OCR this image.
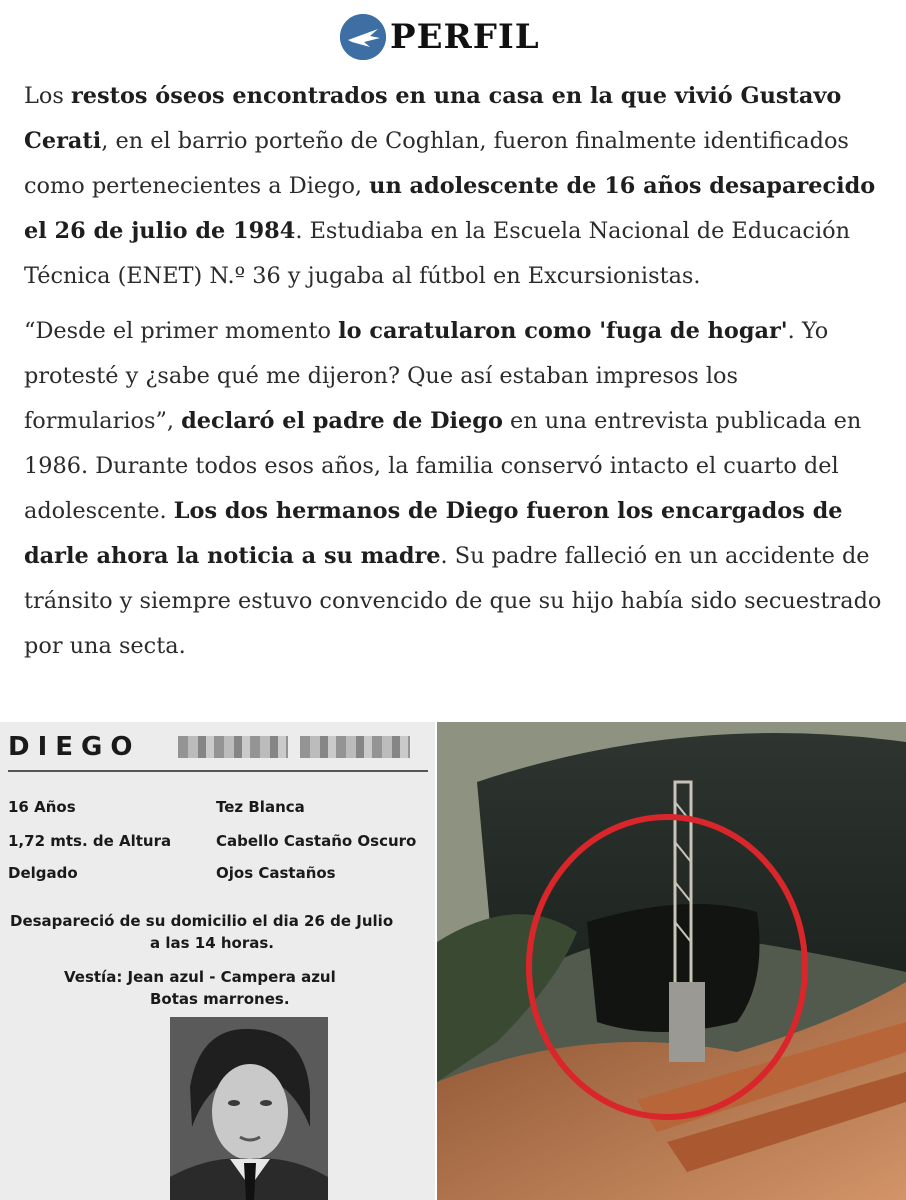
PERFIL

Los restos óseos encontrados en una casa en la que vivió Gustavo Cerati, en el barrio porteño de Coghlan, fueron finalmente identificados como pertenecientes a Diego, un adolescente de 16 años desaparecido el 26 de julio de 1984. Estudiaba en la Escuela Nacional de Educación Técnica (ENET) N.º 36 y jugaba al fútbol en Excursionistas.

“Desde el primer momento lo caratularon como 'fuga de hogar'. Yo protesté y ¿sabe qué me dijeron? Que así estaban impresos los formularios”, declaró el padre de Diego en una entrevista publicada en 1986. Durante todos esos años, la familia conservó intacto el cuarto del adolescente. Los dos hermanos de Diego fueron los encargados de darle ahora la noticia a su madre. Su padre falleció en un accidente de tránsito y siempre estuvo convencido de que su hijo había sido secuestrado por una secta.

DIEGO
16 Años
1,72 mts. de Altura
Delgado
Tez Blanca
Cabello Castaño Oscuro
Ojos Castaños
Desapareció de su domicilio el dia 26 de Julio
a las 14 horas.
Vestía: Jean azul - Campera azul
Botas marrones.
